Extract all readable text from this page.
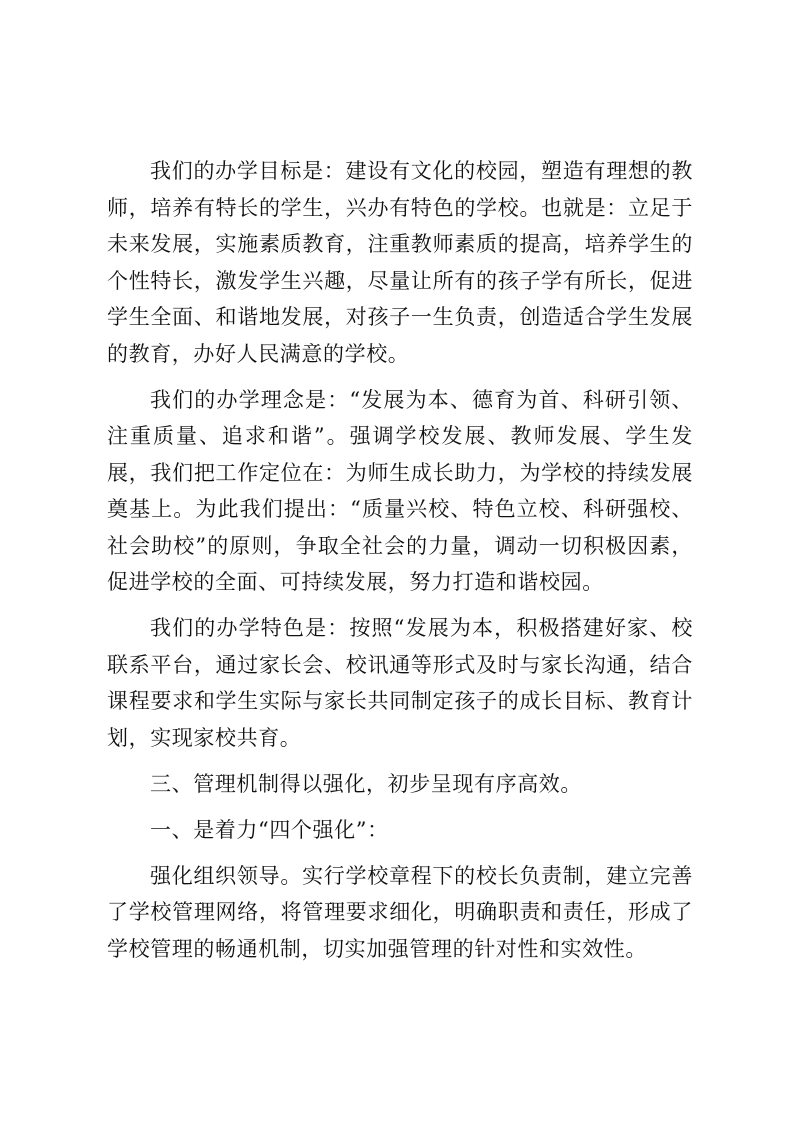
我们的办学目标是：建设有文化的校园，塑造有理想的教师，培养有特长的学生，兴办有特色的学校。也就是：立足于未来发展，实施素质教育，注重教师素质的提高，培养学生的个性特长，激发学生兴趣，尽量让所有的孩子学有所长，促进学生全面、和谐地发展，对孩子一生负责，创造适合学生发展的教育，办好人民满意的学校。

我们的办学理念是：“发展为本、德育为首、科研引领、注重质量、追求和谐”。强调学校发展、教师发展、学生发展，我们把工作定位在：为师生成长助力，为学校的持续发展奠基上。为此我们提出：“质量兴校、特色立校、科研强校、社会助校”的原则，争取全社会的力量，调动一切积极因素，促进学校的全面、可持续发展，努力打造和谐校园。

我们的办学特色是：按照“发展为本，积极搭建好家、校联系平台，通过家长会、校讯通等形式及时与家长沟通，结合课程要求和学生实际与家长共同制定孩子的成长目标、教育计划，实现家校共育。

三、管理机制得以强化，初步呈现有序高效。

一、是着力“四个强化”：

强化组织领导。实行学校章程下的校长负责制，建立完善了学校管理网络，将管理要求细化，明确职责和责任，形成了学校管理的畅通机制，切实加强管理的针对性和实效性。
